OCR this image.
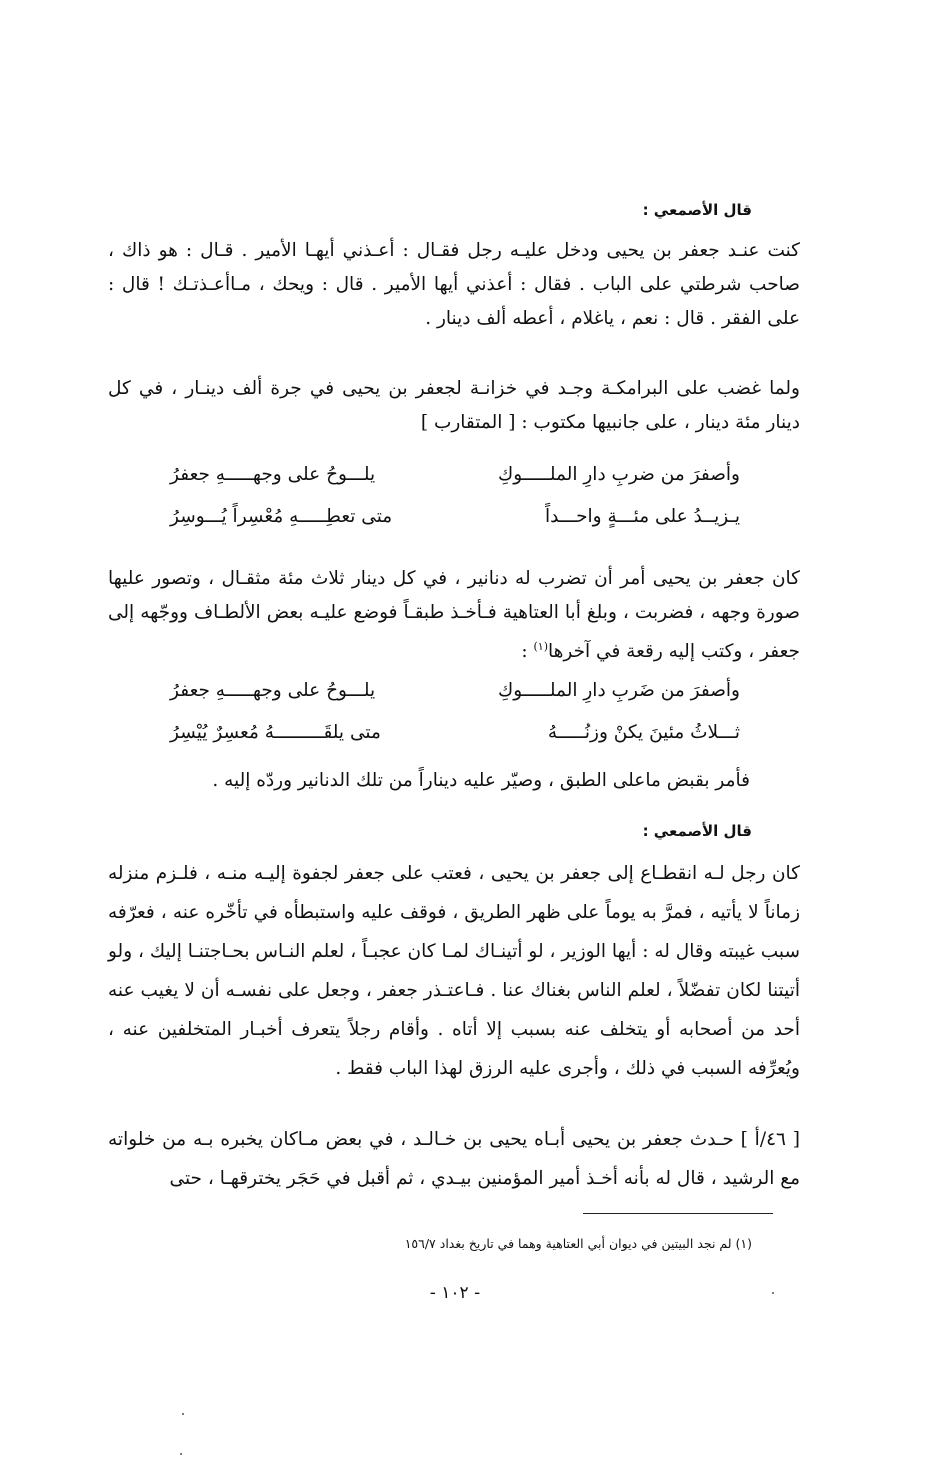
قال الأصمعي :

كنت عنـد جعفر بن يحيى ودخل عليـه رجل فقـال : أعـذني أيهـا الأمير . قـال : هو ذاك ، صاحب شرطتي على الباب . فقال : أعذني أيها الأمير . قال : ويحك ، مـاأعـذتـك ! قال : على الفقر . قال : نعم ، ياغلام ، أعطه ألف دينار .

ولما غضب على البرامكـة وجـد في خزانـة لجعفر بن يحيى في جرة ألف دينـار ، في كل دينار مئة دينار ، على جانبيها مكتوب : [ المتقارب ]

وأصفرَ من ضربِ دارِ الملـــــوكِ
يلـــوحُ على وجهـــــهِ جعفرُ
يـزيــدُ على مئـــةٍ واحـــداً
متى تعطِـــــهِ مُعْسِراً يُـــوسِرُ

كان جعفر بن يحيى أمر أن تضرب له دنانير ، في كل دينار ثلاث مئة مثقـال ، وتصور عليها صورة وجهه ، فضربت ، وبلغ أبا العتاهية فـأخـذ طبقـاً فوضع عليـه بعض الألطـاف ووجّهه إلى جعفر ، وكتب إليه رقعة في آخرها$^{(١)}$ :

وأصفرَ من ضَربِ دارِ الملـــــوكِ
يلـــوحُ على وجهـــــهِ جعفرُ
ثـــلاثُ مئينَ يكنْ وزنُـــــهُ
متى يلقَـــــــــهُ مُعسِرٌ يُيْسِرُ

فأمر بقبض ماعلى الطبق ، وصيّر عليه ديناراً من تلك الدنانير وردّه إليه .

قال الأصمعي :

كان رجل لـه انقطـاع إلى جعفر بن يحيى ، فعتب على جعفر لجفوة إليـه منـه ، فلـزم منزله زماناً لا يأتيه ، فمرَّ به يوماً على ظهر الطريق ، فوقف عليه واستبطأه في تأخّره عنه ، فعرّفه سبب غيبته وقال له : أيها الوزير ، لو أتينـاك لمـا كان عجبـاً ، لعلم النـاس بحـاجتنـا إليك ، ولو أتيتنا لكان تفضّلاً ، لعلم الناس بغناك عنا . فـاعتـذر جعفر ، وجعل على نفسـه أن لا يغيب عنه أحد من أصحابه أو يتخلف عنه بسبب إلا أتاه . وأقام رجلاً يتعرف أخبـار المتخلفين عنه ، ويُعرِّفه السبب في ذلك ، وأجرى عليه الرزق لهذا الباب فقط .

[ ٤٦/أ ] حـدث جعفر بن يحيى أبـاه يحيى بن خـالـد ، في بعض مـاكان يخبره بـه من خلواته مع الرشيد ، قال له بأنه أخـذ أمير المؤمنين بيـدي ، ثم أقبل في حَجَر يخترقهـا ، حتى

(١) لم نجد البيتين في ديوان أبي العتاهية وهما في تاريخ بغداد ١٥٦/٧
- ١٠٢ -
